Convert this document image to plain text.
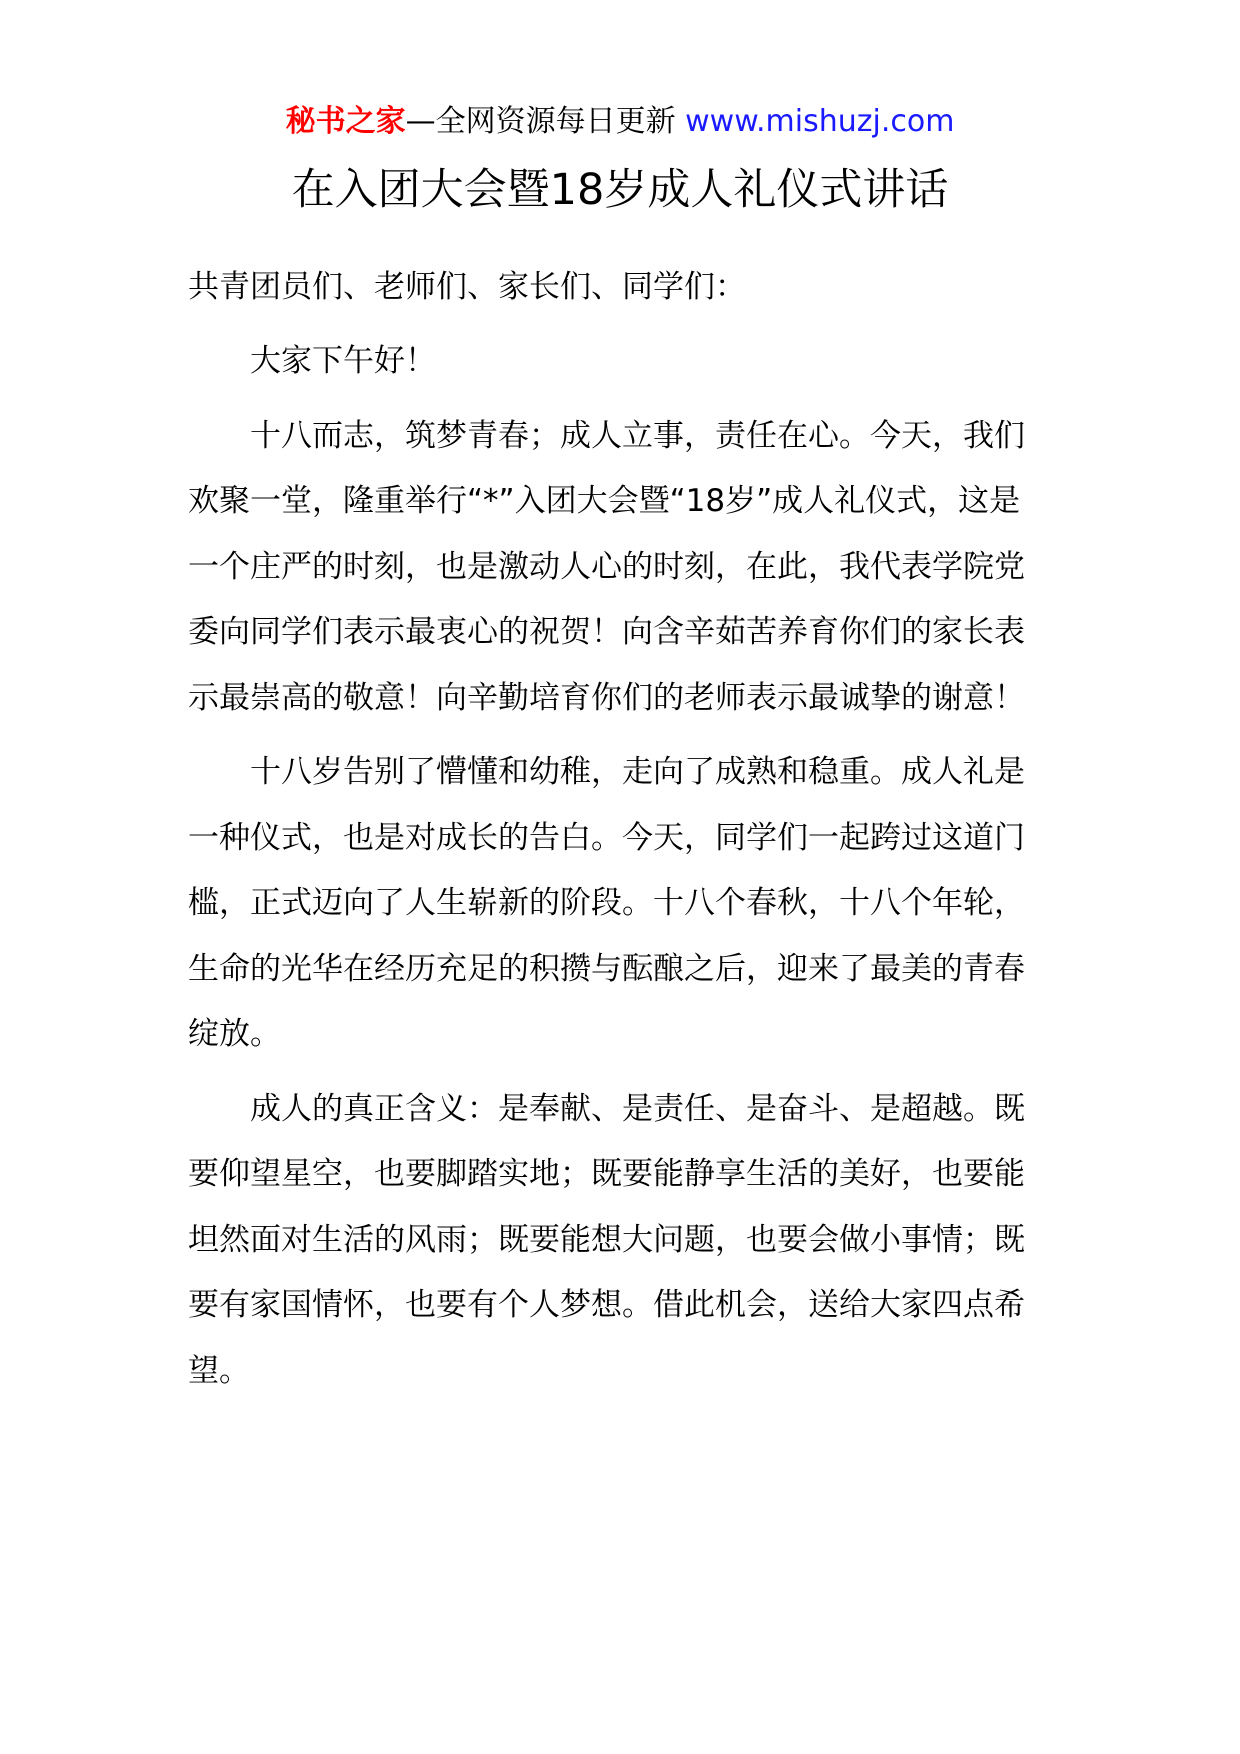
秘书之家—全网资源每日更新 www.mishuzj.com
在入团大会暨18岁成人礼仪式讲话

共青团员们、老师们、家长们、同学们：

大家下午好！

十八而志，筑梦青春；成人立事，责任在心。今天，我们欢聚一堂，隆重举行“*”入团大会暨“18岁”成人礼仪式，这是一个庄严的时刻，也是激动人心的时刻，在此，我代表学院党委向同学们表示最衷心的祝贺！向含辛茹苦养育你们的家长表示最崇高的敬意！向辛勤培育你们的老师表示最诚挚的谢意！

十八岁告别了懵懂和幼稚，走向了成熟和稳重。成人礼是一种仪式，也是对成长的告白。今天，同学们一起跨过这道门槛，正式迈向了人生崭新的阶段。十八个春秋，十八个年轮，生命的光华在经历充足的积攒与酝酿之后，迎来了最美的青春绽放。

成人的真正含义：是奉献、是责任、是奋斗、是超越。既要仰望星空，也要脚踏实地；既要能静享生活的美好，也要能坦然面对生活的风雨；既要能想大问题，也要会做小事情；既要有家国情怀，也要有个人梦想。借此机会，送给大家四点希望。
